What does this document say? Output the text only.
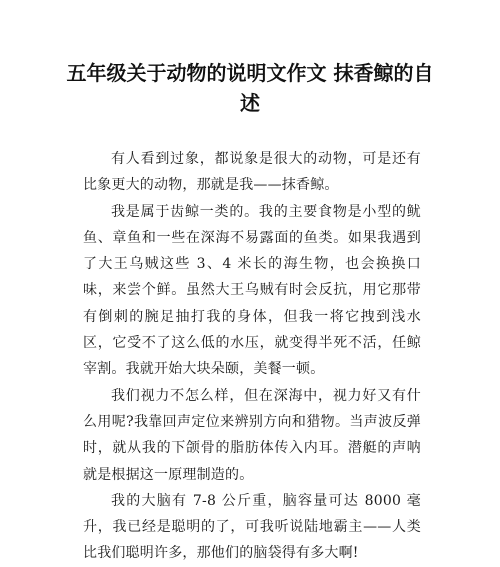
五年级关于动物的说明文作文 抹香鲸的自述

有人看到过象，都说象是很大的动物，可是还有比象更大的动物，那就是我——抹香鲸。

我是属于齿鲸一类的。我的主要食物是小型的鱿鱼、章鱼和一些在深海不易露面的鱼类。如果我遇到了大王乌贼这些 3、4 米长的海生物，也会换换口味，来尝个鲜。虽然大王乌贼有时会反抗，用它那带有倒刺的腕足抽打我的身体，但我一将它拽到浅水区，它受不了这么低的水压，就变得半死不活，任鲸宰割。我就开始大块朵颐，美餐一顿。

我们视力不怎么样，但在深海中，视力好又有什么用呢?我靠回声定位来辨别方向和猎物。当声波反弹时，就从我的下颌骨的脂肪体传入内耳。潜艇的声呐就是根据这一原理制造的。

我的大脑有 7-8 公斤重，脑容量可达 8000 毫升，我已经是聪明的了，可我听说陆地霸主——人类比我们聪明许多，那他们的脑袋得有多大啊!
